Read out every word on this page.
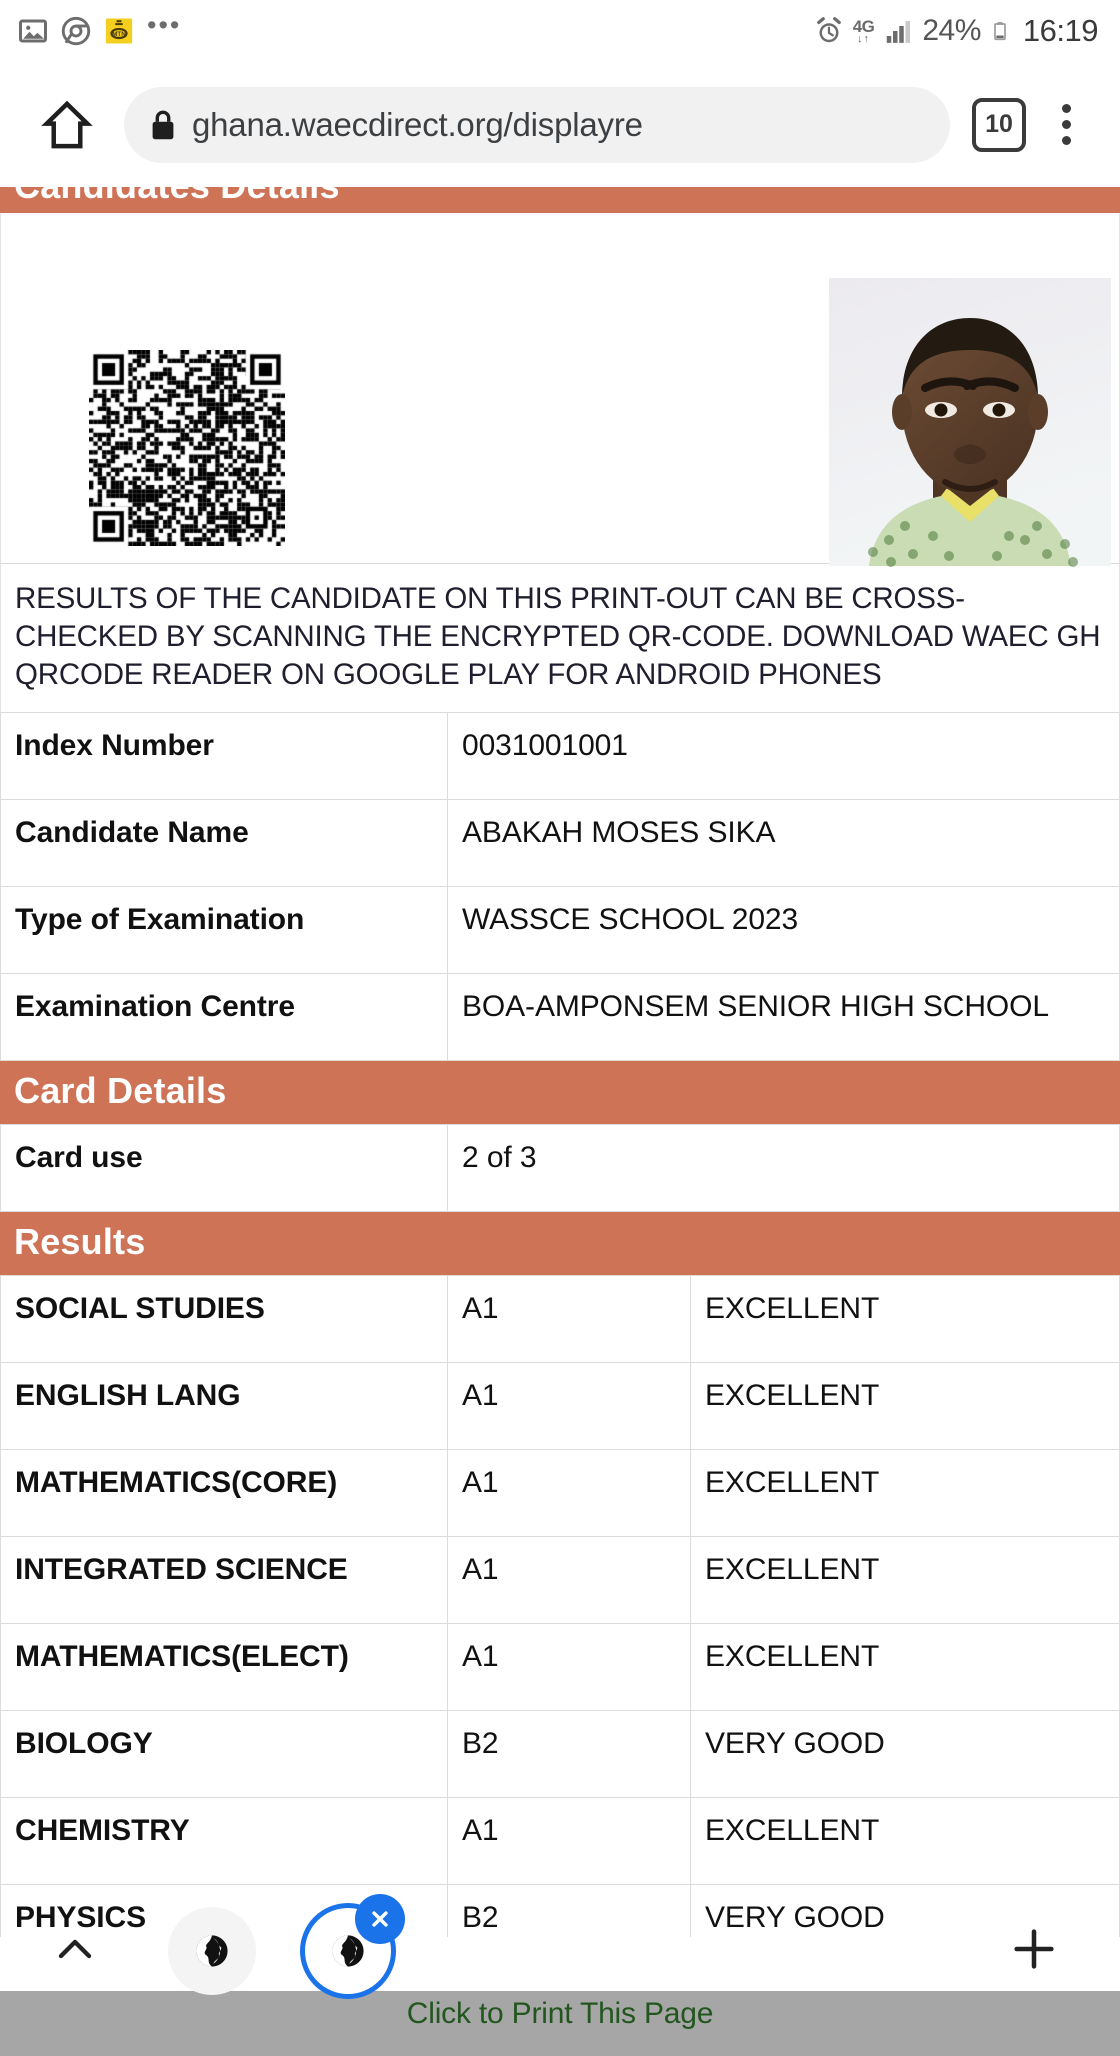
MTN •••	4G
↓↑ 24% 16:19
ghana.waecdirect.org/displayre	10
Candidates Details
RESULTS OF THE CANDIDATE ON THIS PRINT-OUT CAN BE CROSS-CHECKED BY SCANNING THE ENCRYPTED QR-CODE. DOWNLOAD WAEC GH QRCODE READER ON GOOGLE PLAY FOR ANDROID PHONES
Index Number	0031001001
Candidate Name	ABAKAH MOSES SIKA
Type of Examination	WASSCE SCHOOL 2023
Examination Centre	BOA-AMPONSEM SENIOR HIGH SCHOOL
Card Details
Card use	2 of 3
Results
SOCIAL STUDIES	A1	EXCELLENT
ENGLISH LANG	A1	EXCELLENT
MATHEMATICS(CORE)	A1	EXCELLENT
INTEGRATED SCIENCE	A1	EXCELLENT
MATHEMATICS(ELECT)	A1	EXCELLENT
BIOLOGY	B2	VERY GOOD
CHEMISTRY	A1	EXCELLENT
PHYSICS	B2	VERY GOOD
Click to Print This Page
